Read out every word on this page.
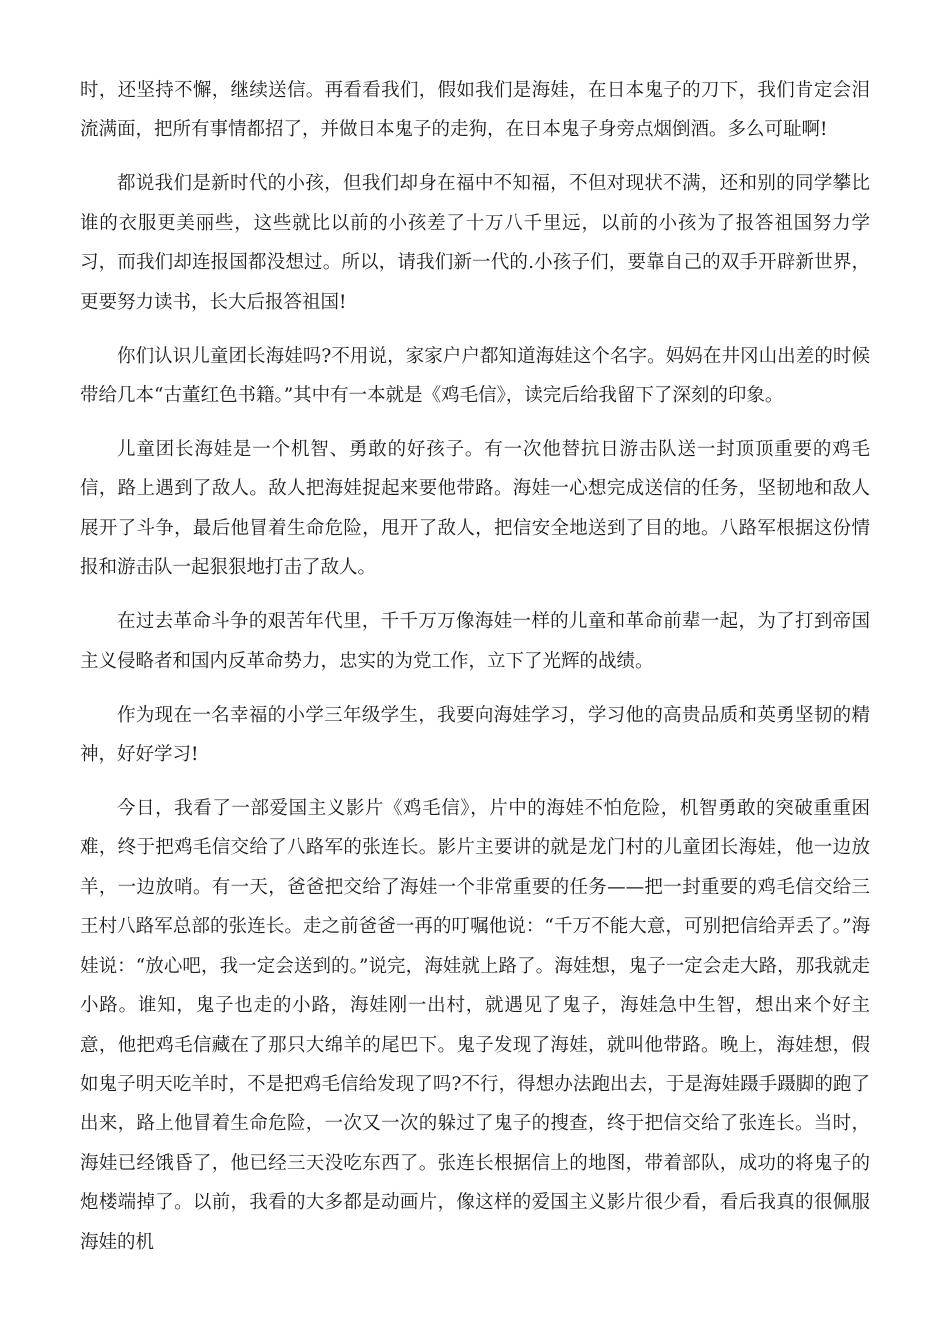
时，还坚持不懈，继续送信。再看看我们，假如我们是海娃，在日本鬼子的刀下，我们肯定会泪流满面，把所有事情都招了，并做日本鬼子的走狗，在日本鬼子身旁点烟倒酒。多么可耻啊!

都说我们是新时代的小孩，但我们却身在福中不知福，不但对现状不满，还和别的同学攀比谁的衣服更美丽些，这些就比以前的小孩差了十万八千里远，以前的小孩为了报答祖国努力学习，而我们却连报国都没想过。所以，请我们新一代的.小孩子们，要靠自己的双手开辟新世界，更要努力读书，长大后报答祖国!

你们认识儿童团长海娃吗?不用说，家家户户都知道海娃这个名字。妈妈在井冈山出差的时候带给几本“古董红色书籍。”其中有一本就是《鸡毛信》，读完后给我留下了深刻的印象。

儿童团长海娃是一个机智、勇敢的好孩子。有一次他替抗日游击队送一封顶顶重要的鸡毛信，路上遇到了敌人。敌人把海娃捉起来要他带路。海娃一心想完成送信的任务，坚韧地和敌人展开了斗争，最后他冒着生命危险，甩开了敌人，把信安全地送到了目的地。八路军根据这份情报和游击队一起狠狠地打击了敌人。

在过去革命斗争的艰苦年代里，千千万万像海娃一样的儿童和革命前辈一起，为了打到帝国主义侵略者和国内反革命势力，忠实的为党工作，立下了光辉的战绩。

作为现在一名幸福的小学三年级学生，我要向海娃学习，学习他的高贵品质和英勇坚韧的精神，好好学习!

今日，我看了一部爱国主义影片《鸡毛信》，片中的海娃不怕危险，机智勇敢的突破重重困难，终于把鸡毛信交给了八路军的张连长。影片主要讲的就是龙门村的儿童团长海娃，他一边放羊，一边放哨。有一天，爸爸把交给了海娃一个非常重要的任务——把一封重要的鸡毛信交给三王村八路军总部的张连长。走之前爸爸一再的叮嘱他说：“千万不能大意，可别把信给弄丢了。”海娃说：“放心吧，我一定会送到的。”说完，海娃就上路了。海娃想，鬼子一定会走大路，那我就走小路。谁知，鬼子也走的小路，海娃刚一出村，就遇见了鬼子，海娃急中生智，想出来个好主意，他把鸡毛信藏在了那只大绵羊的尾巴下。鬼子发现了海娃，就叫他带路。晚上，海娃想，假如鬼子明天吃羊时，不是把鸡毛信给发现了吗?不行，得想办法跑出去，于是海娃蹑手蹑脚的跑了出来，路上他冒着生命危险，一次又一次的躲过了鬼子的搜查，终于把信交给了张连长。当时，海娃已经饿昏了，他已经三天没吃东西了。张连长根据信上的地图，带着部队，成功的将鬼子的炮楼端掉了。以前，我看的大多都是动画片，像这样的爱国主义影片很少看，看后我真的很佩服海娃的机
